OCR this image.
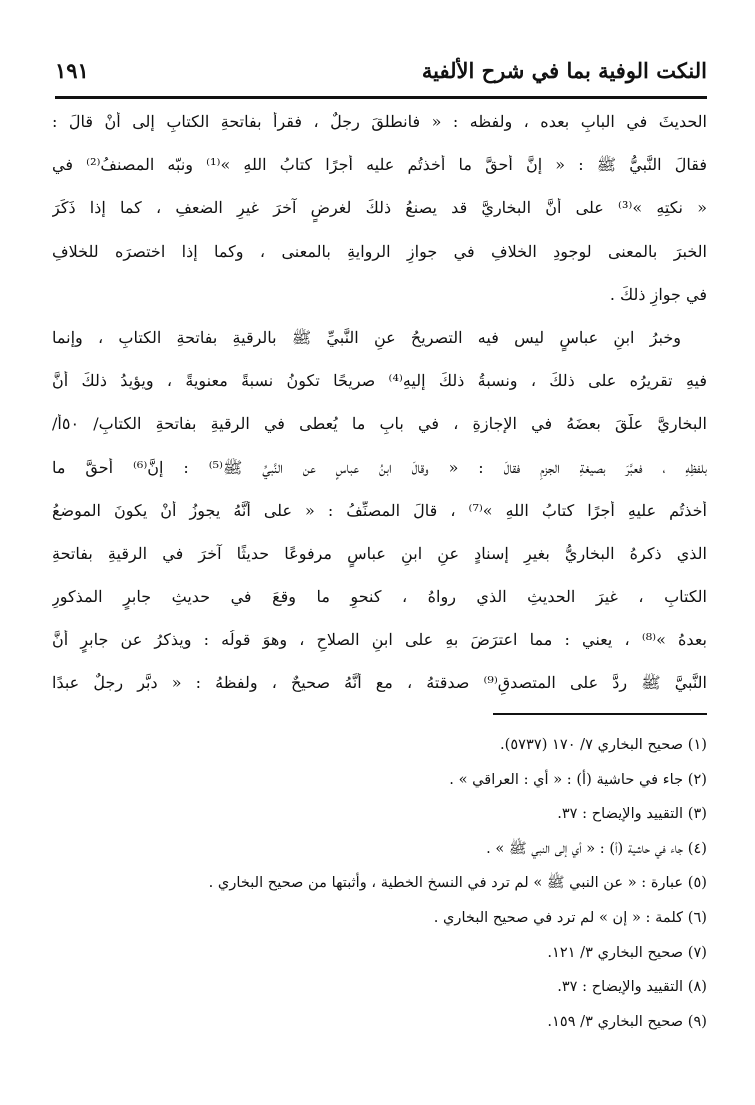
النكت الوفية بما في شرح الألفية
١٩١
الحديثَ في البابِ بعده ، ولفظه : « فانطلقَ رجلٌ ، فقرأَ بفاتحةِ الكتابِ إلى أنْ قالَ :
فقالَ النَّبيُّ ﷺ : « إنَّ أحقَّ ما أخذتُم عليه أجرًا كتابُ اللهِ »⁽¹⁾ ونبّه المصنفُ⁽²⁾ في
« نكتِهِ »⁽³⁾ على أنَّ البخاريَّ قد يصنعُ ذلكَ لغرضٍ آخرَ غيرِ الضعفِ ، كما إذا ذَكَرَ
الخبرَ بالمعنى لوجودِ الخلافِ في جوازِ الروايةِ بالمعنى ، وكما إذا اختصرَه للخلافِ
في جوازِ ذلكَ .
وخبرُ ابنِ عباسٍ ليس فيه التصريحُ عنِ النَّبيِّ ﷺ بالرقيةِ بفاتحةِ الكتابِ ، وإنما
فيهِ تقريرُه على ذلكَ ، ونسبةُ ذلكَ إليهِ⁽⁴⁾ صريحًا تكونُ نسبةً معنويةً ، ويؤيدُ ذلكَ أنَّ
البخاريَّ علّقَ بعضَهُ في الإجازةِ ، في بابِ ما يُعطى في الرقيةِ بفاتحةِ الكتابِ/ ٥٠أ/
بلفظِهِ ، فعبَّرَ بصيغةِ الجزمِ فقالَ : « وقالَ ابنُ عباسٍ عن النَّبيِّ ﷺ⁽⁵⁾ : إنَّ⁽⁶⁾ أحقَّ ما
أخذتُم عليهِ أجرًا كتابُ اللهِ »⁽⁷⁾ ، قالَ المصنِّفُ : « على أنَّهُ يجوزُ أنْ يكونَ الموضعُ
الذي ذكرهُ البخاريُّ بغيرِ إسنادٍ عنِ ابنِ عباسٍ مرفوعًا حديثًا آخرَ في الرقيةِ بفاتحةِ
الكتابِ ، غيرَ الحديثِ الذي رواهُ ، كنحوِ ما وقعَ في حديثِ جابرٍ المذكورِ
بعدهُ »⁽⁸⁾ ، يعني : مما اعترَضَ بهِ على ابنِ الصلاحِ ، وهوَ قولُه : ويذكرُ عن جابرٍ أنَّ
النَّبيَّ ﷺ ردَّ على المتصدقِ⁽⁹⁾ صدقتهُ ، مع أنَّهُ صحيحٌ ، ولفظهُ : « دبَّر رجلٌ عبدًا
(١) صحيح البخاري ٧/ ١٧٠ (٥٧٣٧).
(٢) جاء في حاشية (أ) : « أي : العراقي » .
(٣) التقييد والإيضاح : ٣٧.
(٤) جاء في حاشية (أ) : « أي إلى النبي ﷺ » .
(٥) عبارة : « عن النبي ﷺ » لم ترد في النسخ الخطية ، وأثبتها من صحيح البخاري .
(٦) كلمة : « إن » لم ترد في صحيح البخاري .
(٧) صحيح البخاري ٣/ ١٢١.
(٨) التقييد والإيضاح : ٣٧.
(٩) صحيح البخاري ٣/ ١٥٩.
